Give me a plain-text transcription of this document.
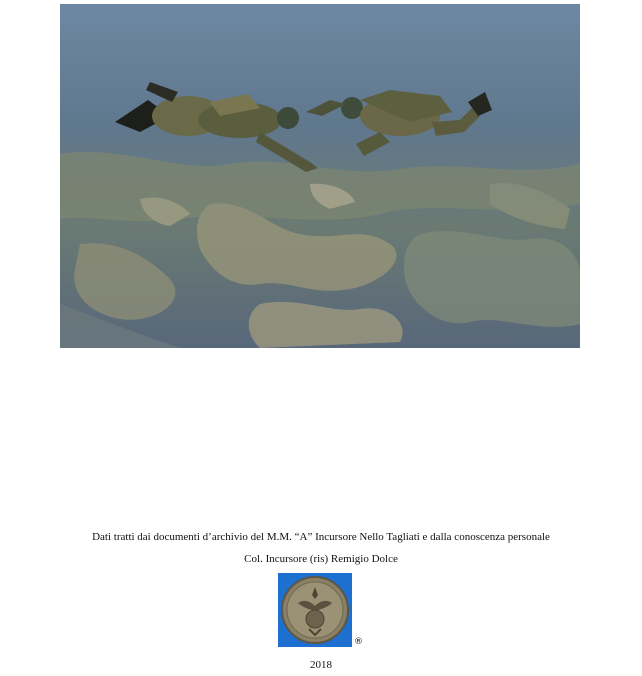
Dati tratti dai documenti d’archivio del M.M. “A” Incursore Nello Tagliati e dalla conoscenza personale
Col. Incursore (ris) Remigio Dolce
®
2018
